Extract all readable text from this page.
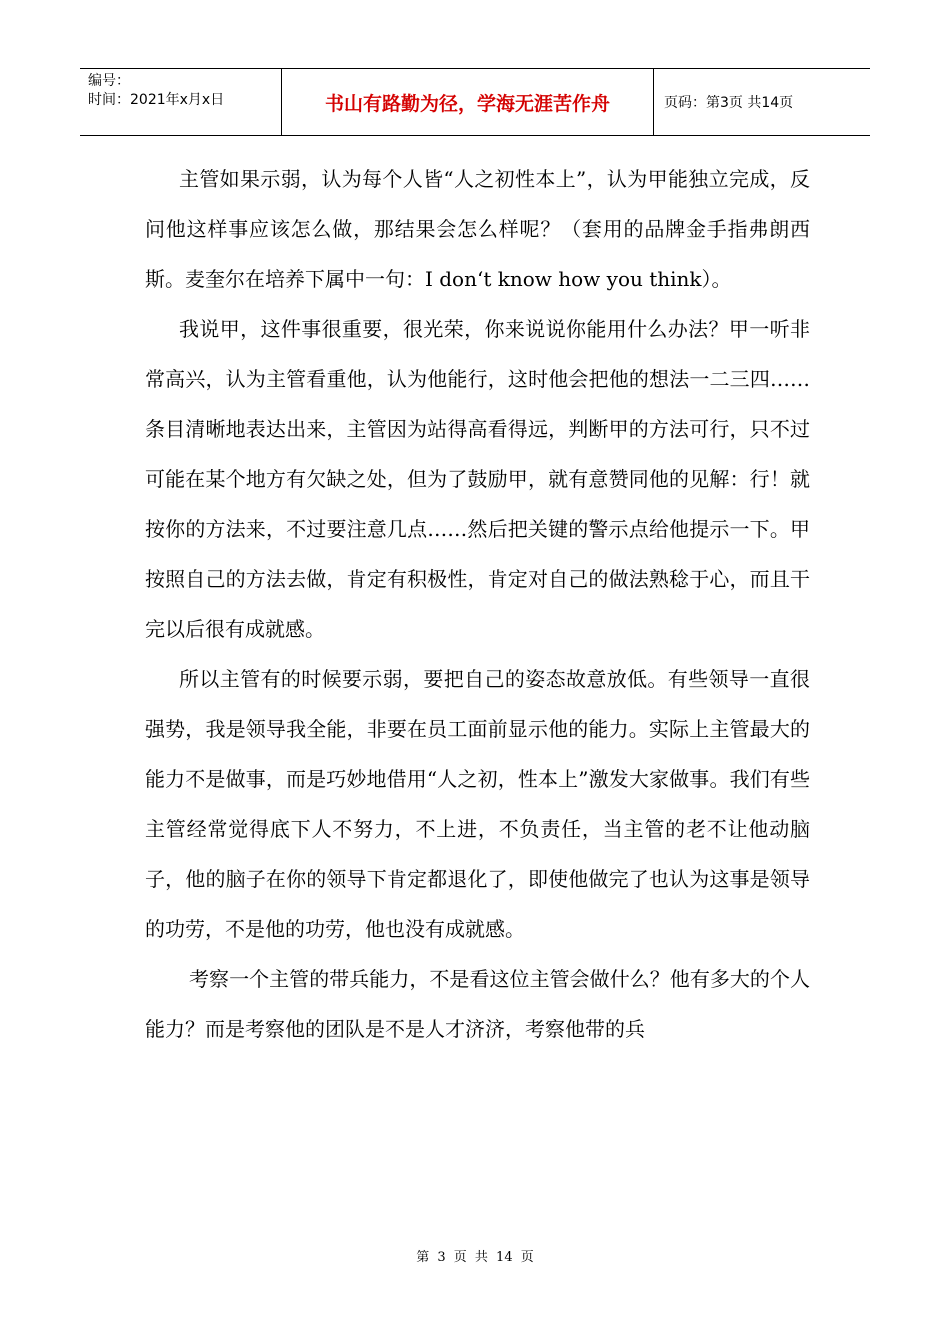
编号：
时间：2021年x月x日	书山有路勤为径，学海无涯苦作舟	页码：第3页 共14页

主管如果示弱，认为每个人皆“人之初性本上”，认为甲能独立完成，反问他这样事应该怎么做，那结果会怎么样呢？（套用的品牌金手指弗朗西斯。麦奎尔在培养下属中一句：I don‘t know how you think）。

我说甲，这件事很重要，很光荣，你来说说你能用什么办法？甲一听非常高兴，认为主管看重他，认为他能行，这时他会把他的想法一二三四……条目清晰地表达出来，主管因为站得高看得远，判断甲的方法可行，只不过可能在某个地方有欠缺之处，但为了鼓励甲，就有意赞同他的见解：行！就按你的方法来，不过要注意几点……然后把关键的警示点给他提示一下。甲按照自己的方法去做，肯定有积极性，肯定对自己的做法熟稔于心，而且干完以后很有成就感。

所以主管有的时候要示弱，要把自己的姿态故意放低。有些领导一直很强势，我是领导我全能，非要在员工面前显示他的能力。实际上主管最大的能力不是做事，而是巧妙地借用“人之初，性本上”激发大家做事。我们有些主管经常觉得底下人不努力，不上进，不负责任，当主管的老不让他动脑子，他的脑子在你的领导下肯定都退化了，即使他做完了也认为这事是领导的功劳，不是他的功劳，他也没有成就感。

考察一个主管的带兵能力，不是看这位主管会做什么？他有多大的个人能力？而是考察他的团队是不是人才济济，考察他带的兵

第 3 页 共 14 页
